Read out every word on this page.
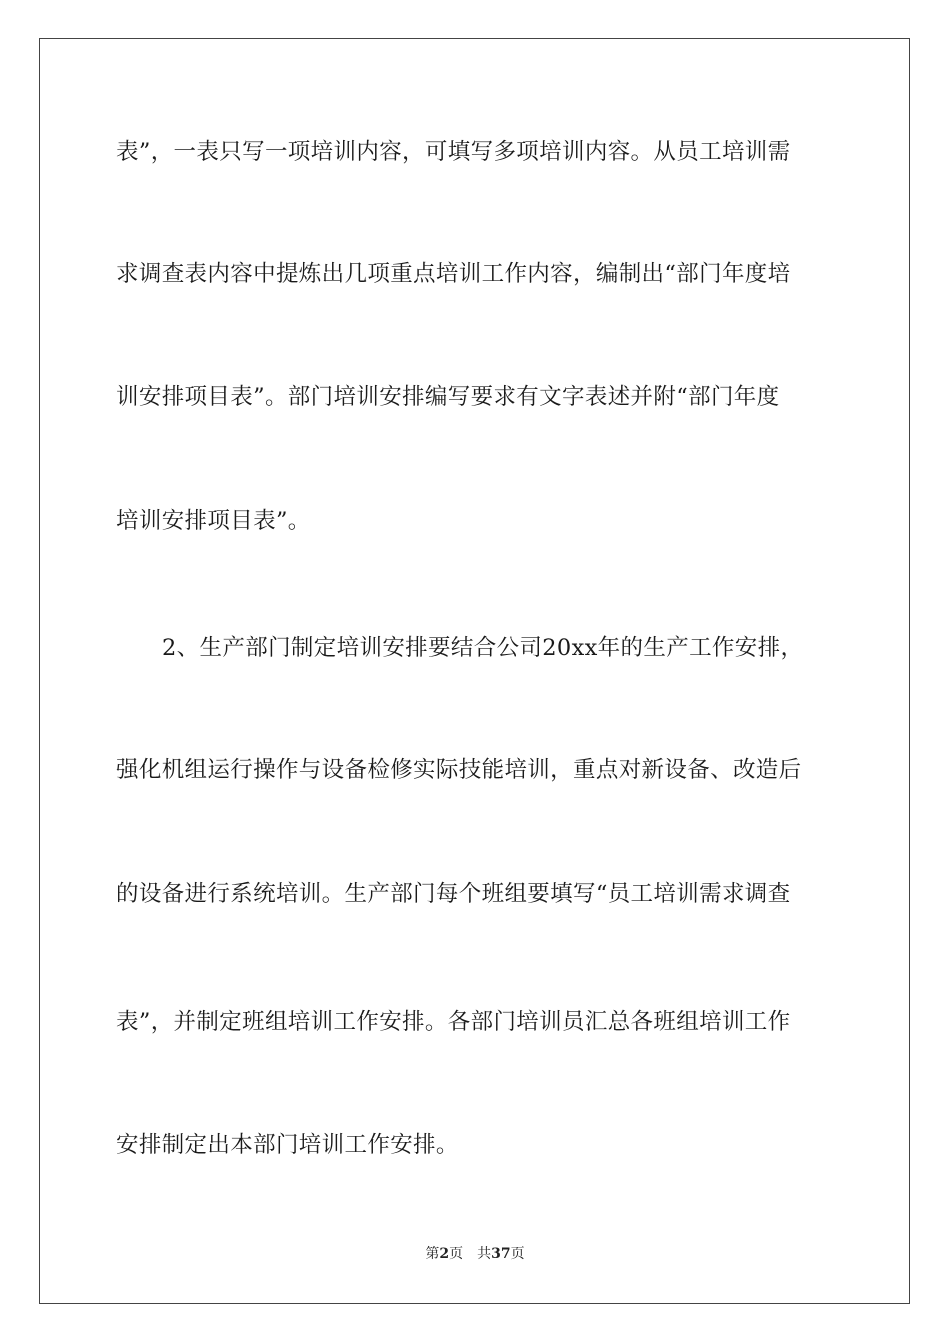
表”，一表只写一项培训内容，可填写多项培训内容。从员工培训需
求调查表内容中提炼出几项重点培训工作内容，编制出“部门年度培
训安排项目表”。部门培训安排编写要求有文字表述并附“部门年度
培训安排项目表”。
2、生产部门制定培训安排要结合公司20xx年的生产工作安排，
强化机组运行操作与设备检修实际技能培训，重点对新设备、改造后
的设备进行系统培训。生产部门每个班组要填写“员工培训需求调查
表”，并制定班组培训工作安排。各部门培训员汇总各班组培训工作
安排制定出本部门培训工作安排。
第2页 共37页
